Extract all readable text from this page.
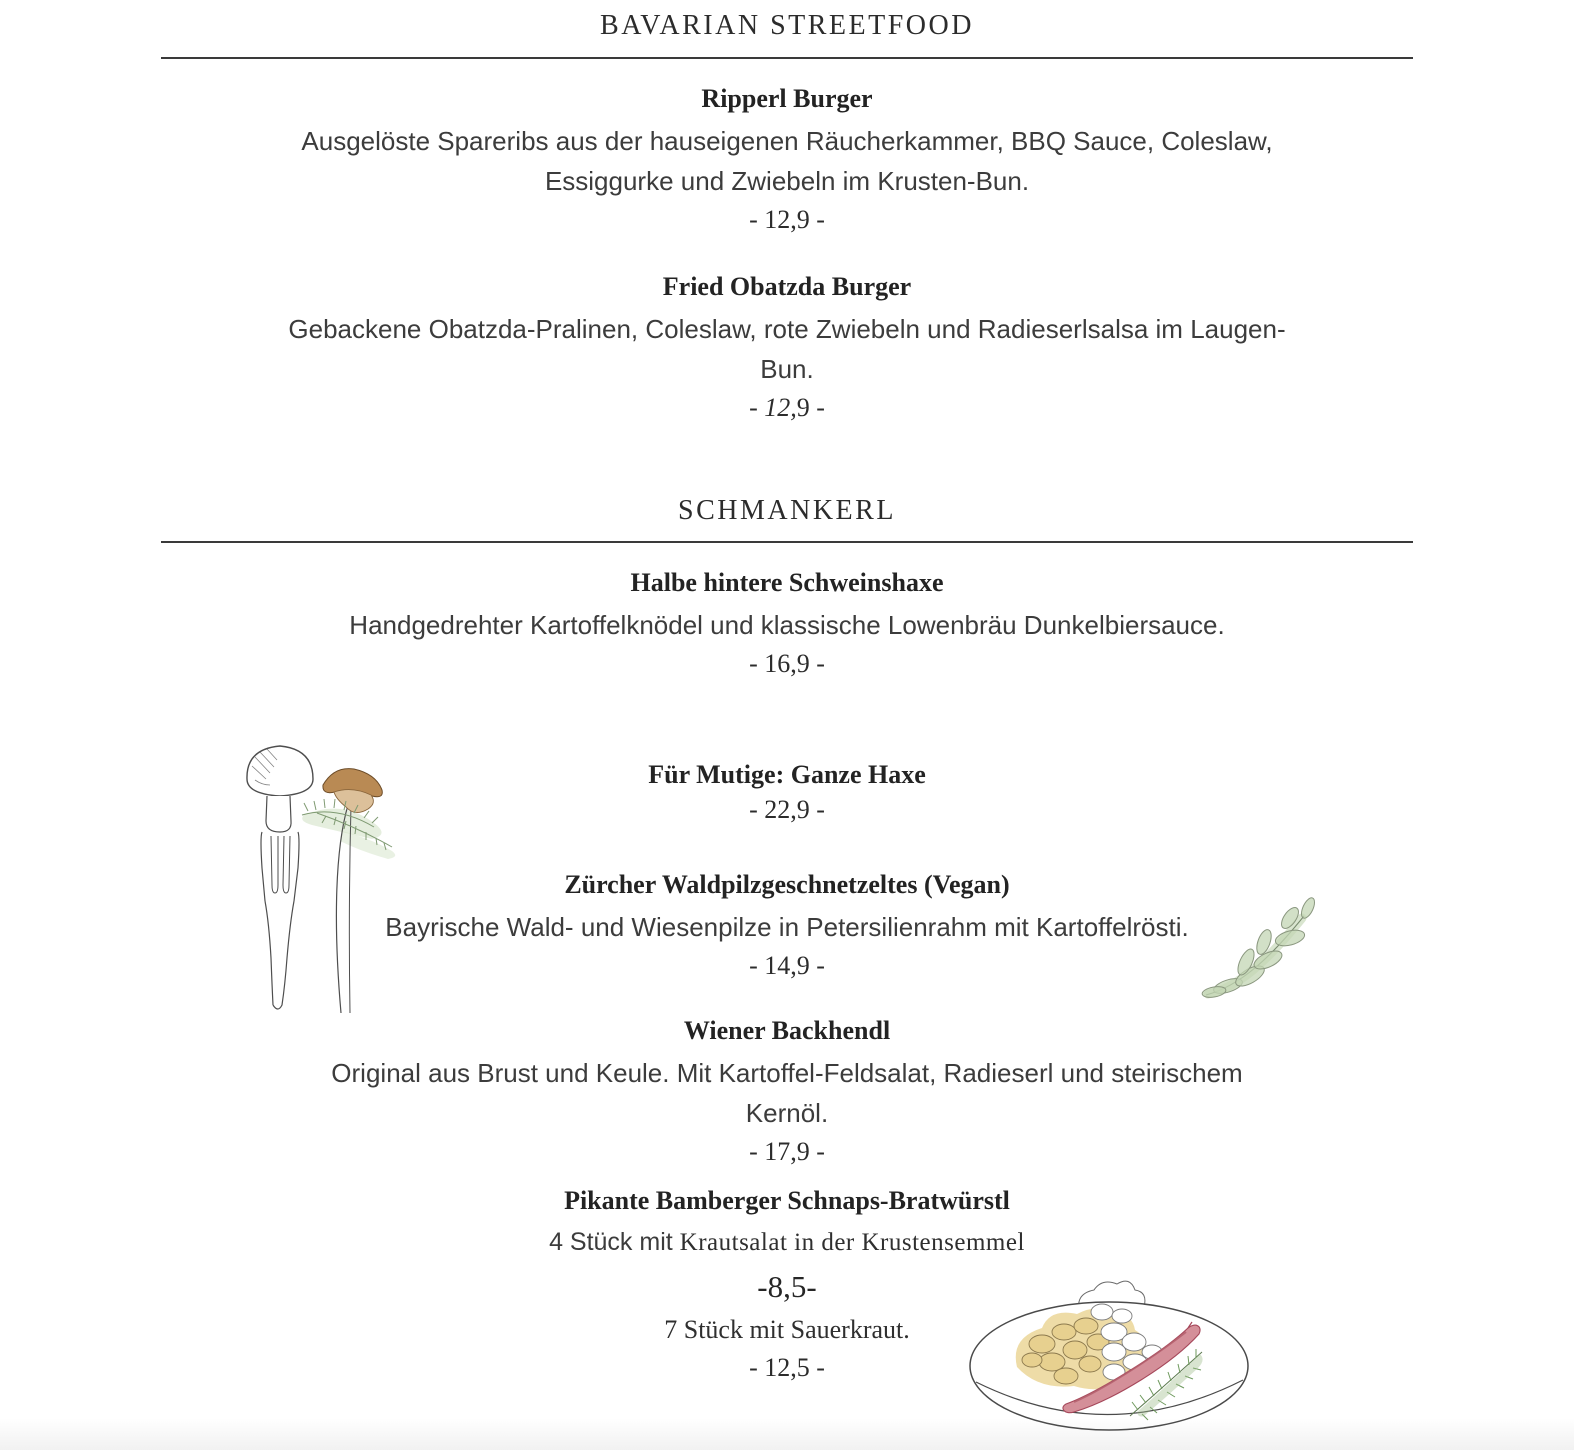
BAVARIAN STREETFOOD
Ripperl Burger
Ausgelöste Spareribs aus der hauseigenen Räucherkammer, BBQ Sauce, Coleslaw,
Essiggurke und Zwiebeln im Krusten-Bun.
- 12,9 -
Fried Obatzda Burger
Gebackene Obatzda-Pralinen, Coleslaw, rote Zwiebeln und Radieserlsalsa im Laugen-
Bun.
- 12,9 -
SCHMANKERL
Halbe hintere Schweinshaxe
Handgedrehter Kartoffelknödel und klassische Lowenbräu Dunkelbiersauce.
- 16,9 -
Für Mutige: Ganze Haxe
- 22,9 -
Zürcher Waldpilzgeschnetzeltes (Vegan)
Bayrische Wald- und Wiesenpilze in Petersilienrahm mit Kartoffelrösti.
- 14,9 -
Wiener Backhendl
Original aus Brust und Keule. Mit Kartoffel-Feldsalat, Radieserl und steirischem
Kernöl.
- 17,9 -
Pikante Bamberger Schnaps-Bratwürstl
4 Stück mit Krautsalat in der Krustensemmel
-8,5-
7 Stück mit Sauerkraut.
- 12,5 -
